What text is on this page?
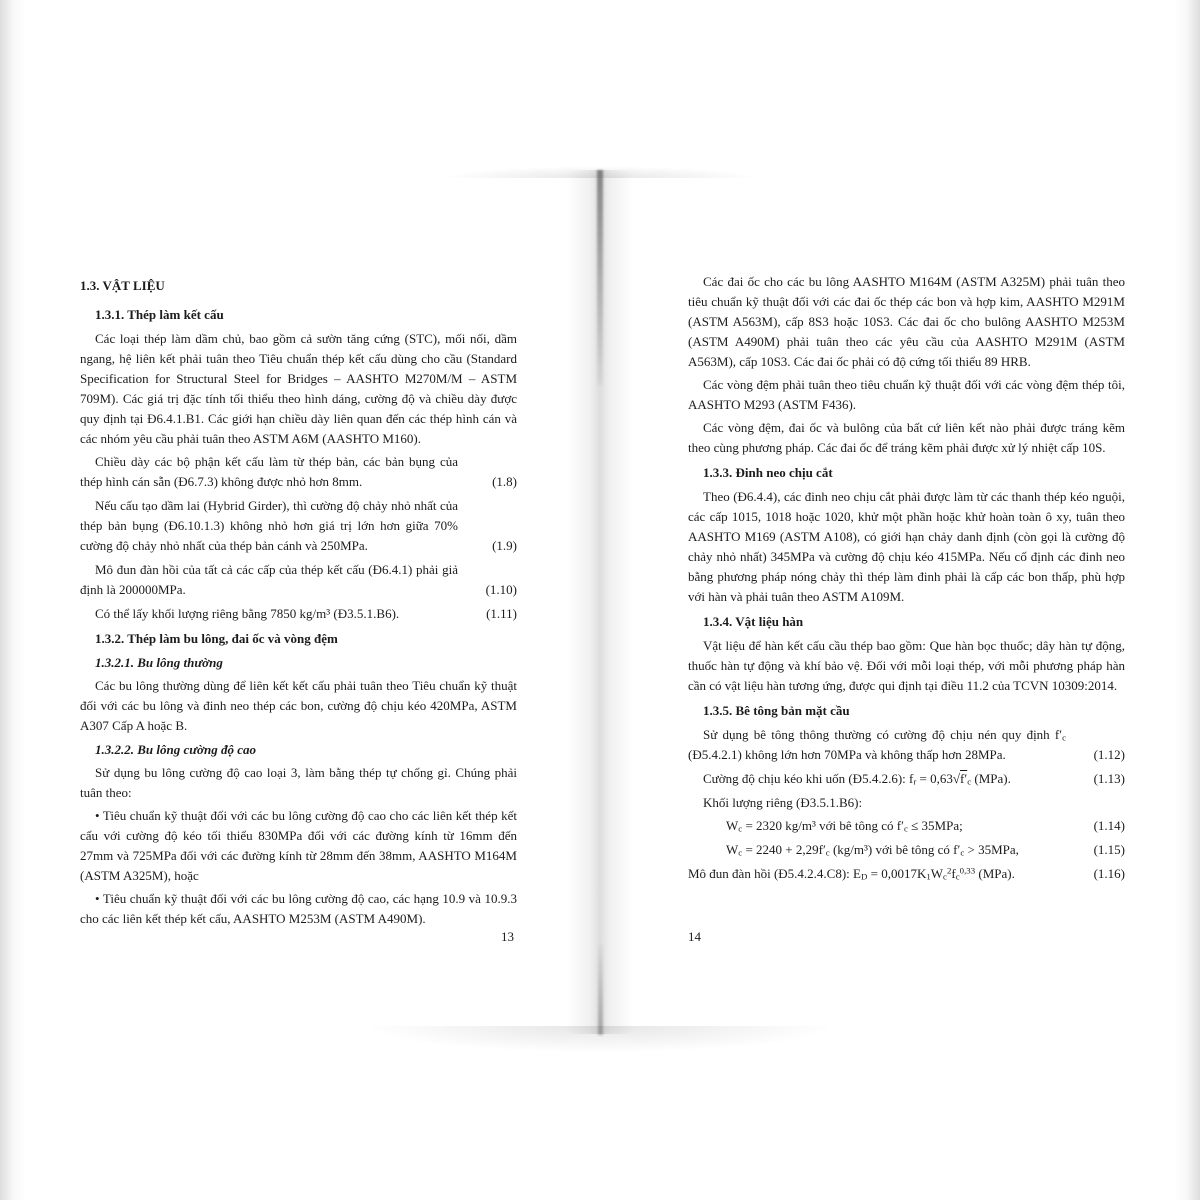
1.3. VẬT LIỆU
1.3.1. Thép làm kết cấu

Các loại thép làm dầm chủ, bao gồm cả sườn tăng cứng (STC), mối nối, dầm ngang, hệ liên kết phải tuân theo Tiêu chuẩn thép kết cấu dùng cho cầu (Standard Specification for Structural Steel for Bridges – AASHTO M270M/M – ASTM 709M). Các giá trị đặc tính tối thiểu theo hình dáng, cường độ và chiều dày được quy định tại Đ6.4.1.B1. Các giới hạn chiều dày liên quan đến các thép hình cán và các nhóm yêu cầu phải tuân theo ASTM A6M (AASHTO M160).

Chiều dày các bộ phận kết cấu làm từ thép bản, các bản bụng của thép hình cán sẵn (Đ6.7.3) không được nhỏ hơn 8mm.	(1.8)
Nếu cấu tạo dầm lai (Hybrid Girder), thì cường độ chảy nhỏ nhất của thép bản bụng (Đ6.10.1.3) không nhỏ hơn giá trị lớn hơn giữa 70% cường độ chảy nhỏ nhất của thép bản cánh và 250MPa.	(1.9)
Mô đun đàn hồi của tất cả các cấp của thép kết cấu (Đ6.4.1) phải giả định là 200000MPa.	(1.10)
Có thể lấy khối lượng riêng bằng 7850 kg/m³ (Đ3.5.1.B6).	(1.11)
1.3.2. Thép làm bu lông, đai ốc và vòng đệm
1.3.2.1. Bu lông thường

Các bu lông thường dùng để liên kết kết cấu phải tuân theo Tiêu chuẩn kỹ thuật đối với các bu lông và đinh neo thép các bon, cường độ chịu kéo 420MPa, ASTM A307 Cấp A hoặc B.

1.3.2.2. Bu lông cường độ cao

Sử dụng bu lông cường độ cao loại 3, làm bằng thép tự chống gỉ. Chúng phải tuân theo:

• Tiêu chuẩn kỹ thuật đối với các bu lông cường độ cao cho các liên kết thép kết cấu với cường độ kéo tối thiểu 830MPa đối với các đường kính từ 16mm đến 27mm và 725MPa đối với các đường kính từ 28mm đến 38mm, AASHTO M164M (ASTM A325M), hoặc

• Tiêu chuẩn kỹ thuật đối với các bu lông cường độ cao, các hạng 10.9 và 10.9.3 cho các liên kết thép kết cấu, AASHTO M253M (ASTM A490M).

Các đai ốc cho các bu lông AASHTO M164M (ASTM A325M) phải tuân theo tiêu chuẩn kỹ thuật đối với các đai ốc thép các bon và hợp kim, AASHTO M291M (ASTM A563M), cấp 8S3 hoặc 10S3. Các đai ốc cho bulông AASHTO M253M (ASTM A490M) phải tuân theo các yêu cầu của AASHTO M291M (ASTM A563M), cấp 10S3. Các đai ốc phải có độ cứng tối thiểu 89 HRB.

Các vòng đệm phải tuân theo tiêu chuẩn kỹ thuật đối với các vòng đệm thép tôi, AASHTO M293 (ASTM F436).

Các vòng đệm, đai ốc và bulông của bất cứ liên kết nào phải được tráng kẽm theo cùng phương pháp. Các đai ốc để tráng kẽm phải được xử lý nhiệt cấp 10S.

1.3.3. Đinh neo chịu cắt

Theo (Đ6.4.4), các đinh neo chịu cắt phải được làm từ các thanh thép kéo nguội, các cấp 1015, 1018 hoặc 1020, khử một phần hoặc khử hoàn toàn ô xy, tuân theo AASHTO M169 (ASTM A108), có giới hạn chảy danh định (còn gọi là cường độ chảy nhỏ nhất) 345MPa và cường độ chịu kéo 415MPa. Nếu cố định các đinh neo bằng phương pháp nóng chảy thì thép làm đinh phải là cấp các bon thấp, phù hợp với hàn và phải tuân theo ASTM A109M.

1.3.4. Vật liệu hàn

Vật liệu để hàn kết cấu cầu thép bao gồm: Que hàn bọc thuốc; dây hàn tự động, thuốc hàn tự động và khí bảo vệ. Đối với mỗi loại thép, với mỗi phương pháp hàn cần có vật liệu hàn tương ứng, được qui định tại điều 11.2 của TCVN 10309:2014.

1.3.5. Bê tông bản mặt cầu
Sử dụng bê tông thông thường có cường độ chịu nén quy định $f'_c$ (Đ5.4.2.1) không lớn hơn 70MPa và không thấp hơn 28MPa.	(1.12)
Cường độ chịu kéo khi uốn (Đ5.4.2.6): $f_r = 0,63√f'_c$ (MPa).	(1.13)

Khối lượng riêng (Đ3.5.1.B6):

$W_c = 2320$ kg/m³ với bê tông có $f'_c \le 35MPa$;	(1.14)
$W_c = 2240 + 2,29f'_c$ (kg/m³) với bê tông có $f'_c > 35MPa$,	(1.15)
Mô đun đàn hồi (Đ5.4.2.4.C8): $E_D = 0,0017K_1W_c^2f_c^{0,33}$ (MPa).	(1.16)
13	14
